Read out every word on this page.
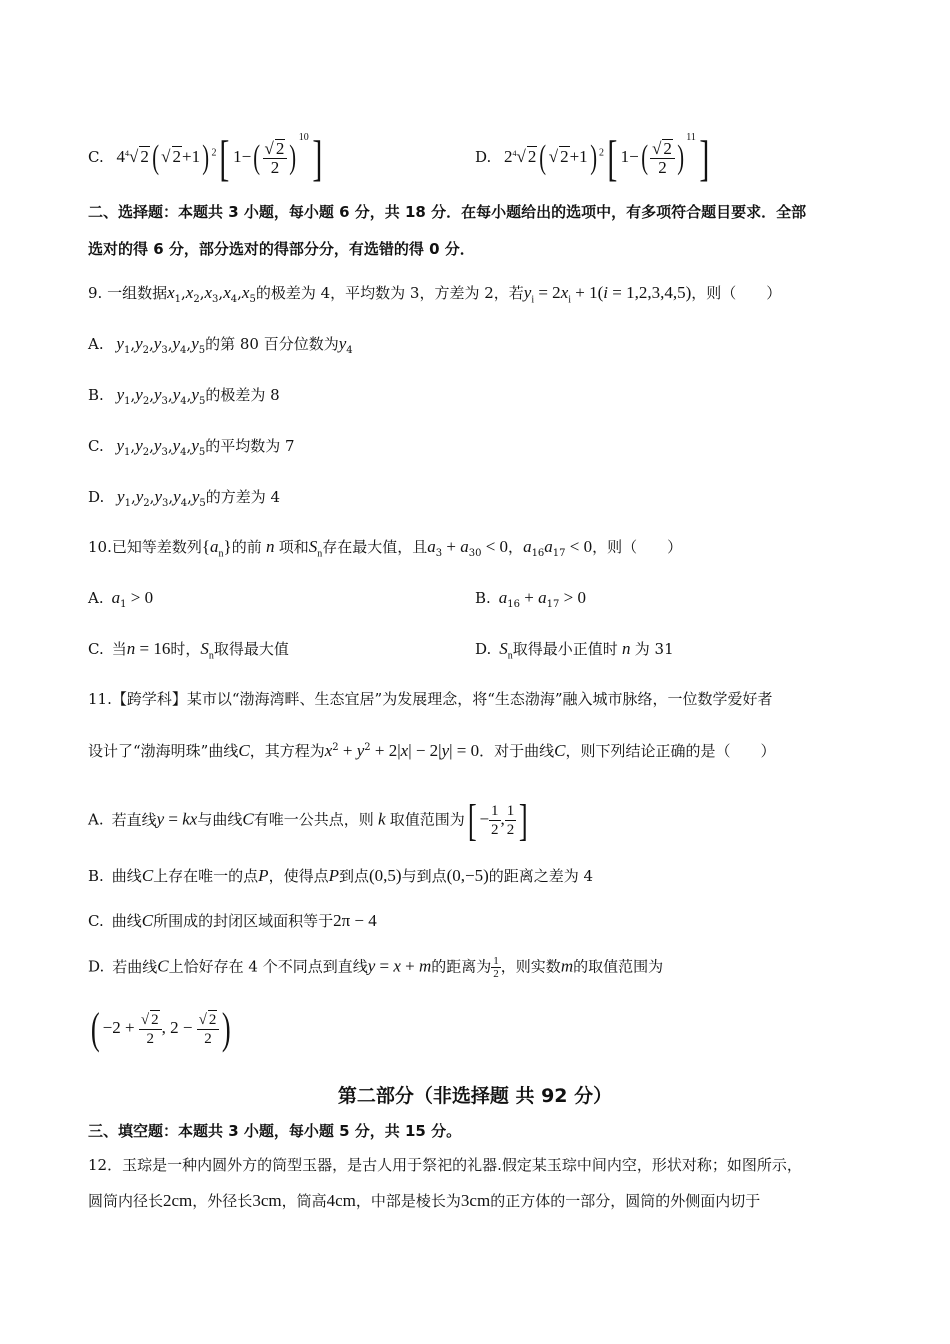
C. $4^4√$ 2( √ 2+1) $^2$[ $1-( \frac{√ 2}{2} )^{10}$]	D. $2^4√$ 2( √ 2+1) $^2$[ $1-( \frac{√ 2}{2} )^{11}$]
二、选择题：本题共 3 小题，每小题 6 分，共 18 分．在每小题给出的选项中，有多项符合题目要求．全部
选对的得 6 分，部分选对的得部分分，有选错的得 0 分．
9. 一组数据$x_1,x_2,x_3,x_4,x_5$的极差为 4，平均数为 3，方差为 2，若$y_i = 2x_i + 1(i = 1,2,3,4,5)$，则（　　）
A. $y_1,y_2,y_3,y_4,y_5$的第 80 百分位数为$y_4$
B. $y_1,y_2,y_3,y_4,y_5$的极差为 8
C. $y_1,y_2,y_3,y_4,y_5$的平均数为 7
D. $y_1,y_2,y_3,y_4,y_5$的方差为 4
10.已知等差数列$\{a_n\}$的前 n 项和$S_n$存在最大值，且$a_3 + a_{30} < 0$，$a_{16}a_{17} < 0$，则（　　）
A. $a_1 > 0$	B. $a_{16} + a_{17} > 0$
C. 当n = 16时，$S_n$取得最大值	D. $S_n$取得最小正值时 n 为 31
11.【跨学科】某市以“渤海湾畔、生态宜居”为发展理念，将“生态渤海”融入城市脉络，一位数学爱好者
设计了“渤海明珠”曲线C，其方程为$x^2 + y^2 + 2|x| - 2|y| = 0$．对于曲线C，则下列结论正确的是（　　）
A. 若直线y = kx与曲线C有唯一公共点，则 k 取值范围为[ − $\frac{1}{2}$ , $\frac{1}{2}$ ]
B. 曲线C上存在唯一的点P，使得点P到点(0,5)与到点(0,−5)的距离之差为 4
C. 曲线C所围成的封闭区域面积等于2π − 4
D. 若曲线C上恰好存在 4 个不同点到直线y = x + m的距离为 $\frac{1}{2}$ ，则实数m的取值范围为
( $-2 + \frac{√ 2}{2}$ , $2 - \frac{√ 2}{2}$ )
第二部分（非选择题 共 92 分）
三、填空题：本题共 3 小题，每小题 5 分，共 15 分。
12．玉琮是一种内圆外方的筒型玉器，是古人用于祭祀的礼器.假定某玉琮中间内空，形状对称；如图所示，
圆筒内径长2cm，外径长3cm，筒高4cm，中部是棱长为3cm的正方体的一部分，圆筒的外侧面内切于
